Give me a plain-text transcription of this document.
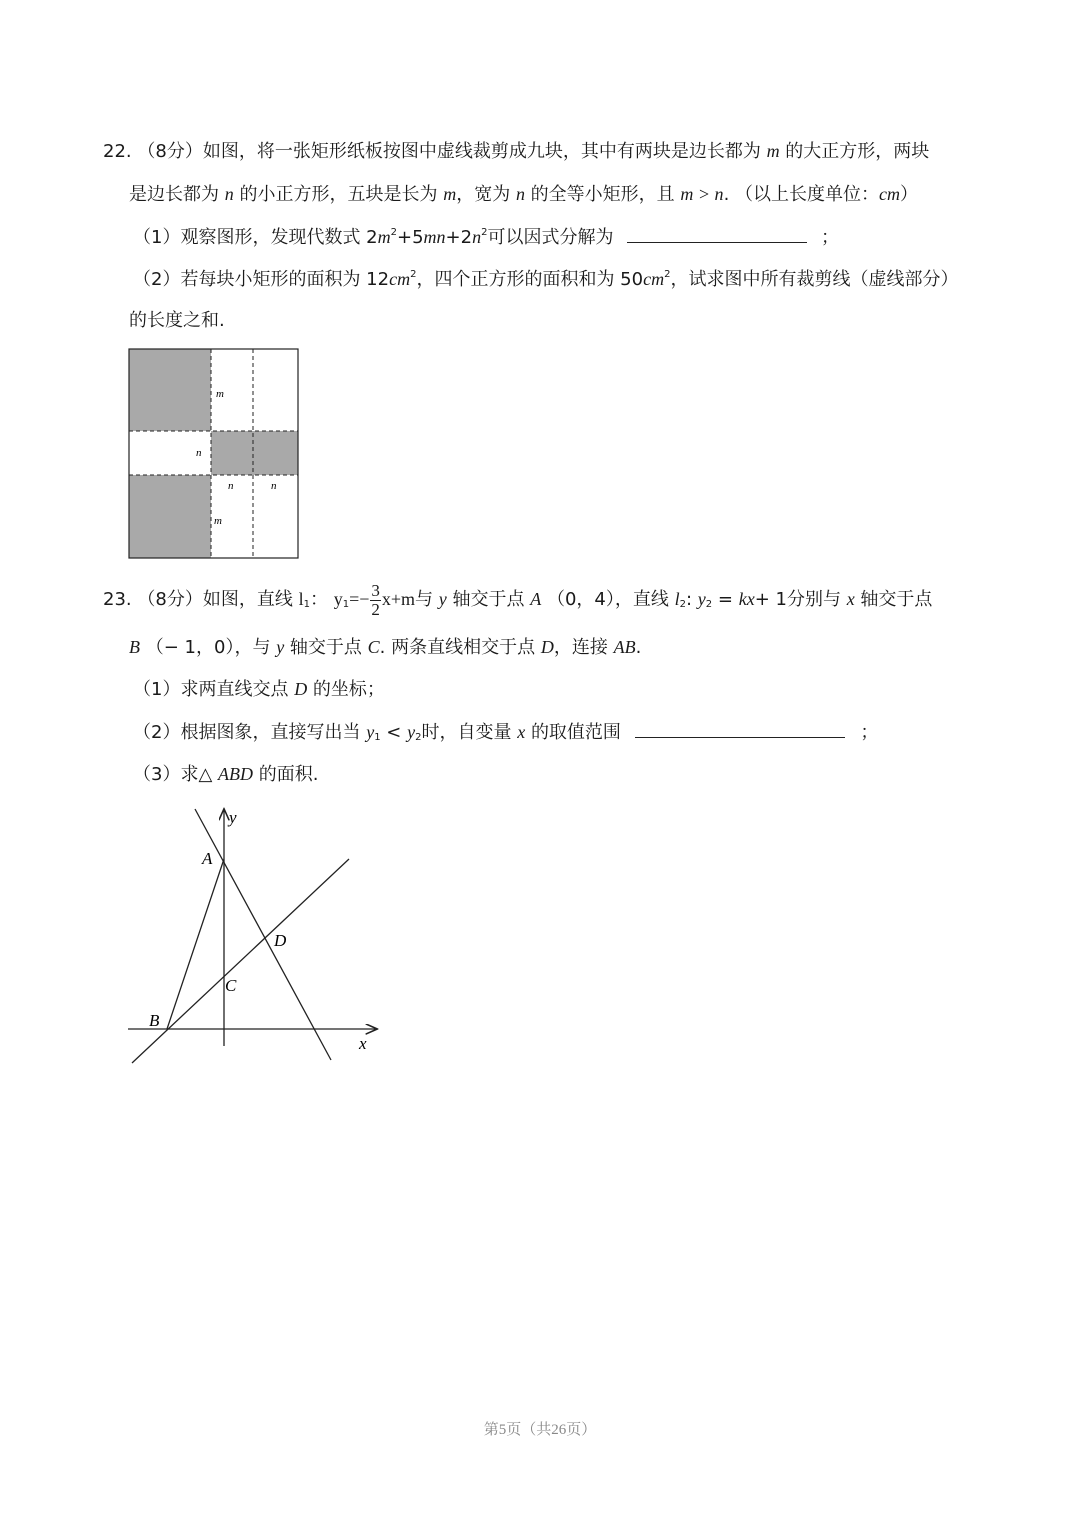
22. （8分）如图，将一张矩形纸板按图中虚线裁剪成九块，其中有两块是边长都为 m 的大正方形，两块
是边长都为 n 的小正方形，五块是长为 m，宽为 n 的全等小矩形，且 m > n. （以上长度单位：cm）
（1）观察图形，发现代数式 $2m^2+5mn+2n^2$可以因式分解为	；
（2）若每块小矩形的面积为 $12cm^2$，四个正方形的面积和为 $50cm^2$，试求图中所有裁剪线（虚线部分）
的长度之和.
m
n
n	n
m
23. （8分）如图，直线 $l_1$： $y_1=- \frac{3}{2} x+m$与 y 轴交于点 A （0，4），直线 $l_2$: $y_2 = kx+ 1$分别与 x 轴交于点
B （− 1，0），与 y 轴交于点 C. 两条直线相交于点 D，连接 AB.
（1）求两直线交点 D 的坐标；
（2）根据图象，直接写出当 $y_1 < y_2$时，自变量 x 的取值范围	；
（3）求△ ABD 的面积.
A
B
C
D
x
y
第5页（共26页）
